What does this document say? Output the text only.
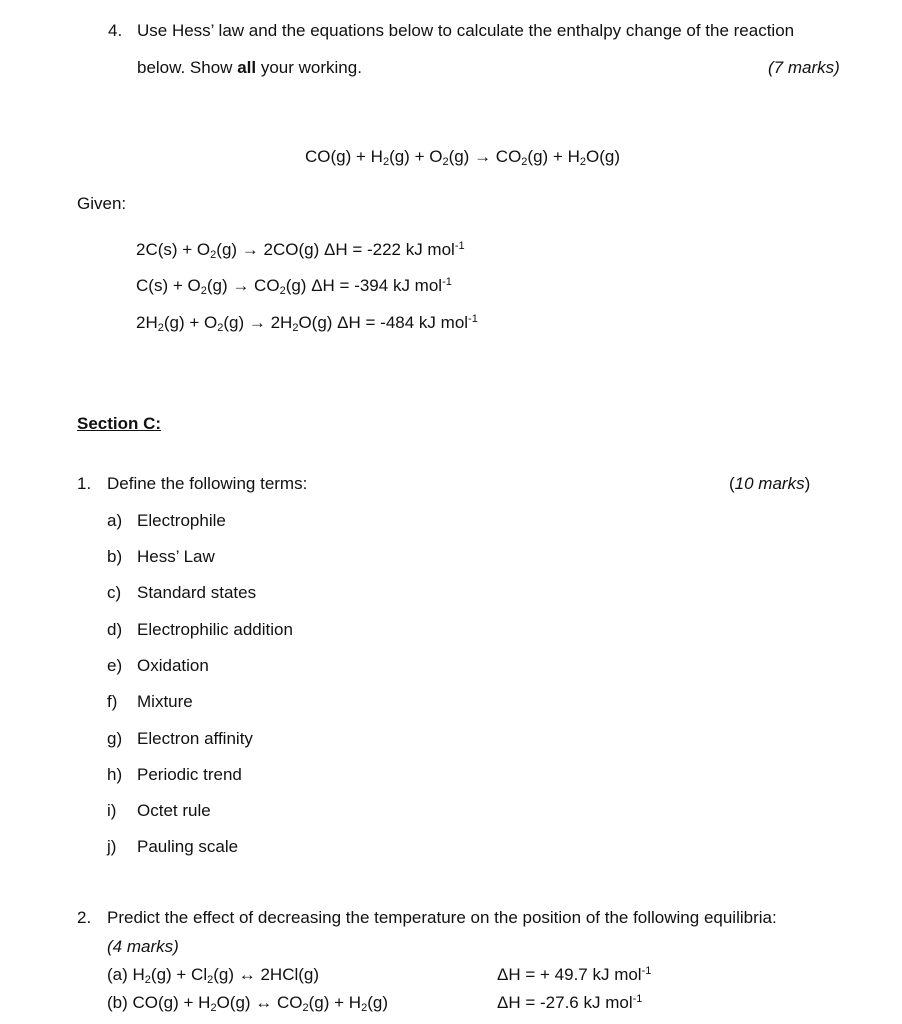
4. Use Hess’ law and the equations below to calculate the enthalpy change of the reaction
below. Show all your working.	(7 marks)
$CO(g) + H_2(g) + O_2(g) \to CO_2(g) + H_2O(g)$
Given:
$2C(s) + O_2(g) \to 2CO(g) \Delta H = -222$ kJ mol$^{-1}$
$C(s) + O_2(g) \to CO_2(g) \Delta H = -394$ kJ mol$^{-1}$
$2H_2(g) + O_2(g) \to 2H_2O(g) \Delta H = -484$ kJ mol$^{-1}$
Section C:
1. Define the following terms:	(10 marks)
a) Electrophile
b) Hess’ Law
c) Standard states
d) Electrophilic addition
e) Oxidation
f) Mixture
g) Electron affinity
h) Periodic trend
i) Octet rule
j) Pauling scale
2. Predict the effect of decreasing the temperature on the position of the following equilibria:
(4 marks)
(a) $H_2(g) + Cl_2(g)$ ↔ 2HCl(g)	ΔH = + 49.7 kJ mol$^{-1}$
(b) $CO(g) + H_2O(g)$ ↔ $CO_2(g) + H_2(g)$	ΔH = -27.6 kJ mol$^{-1}$
